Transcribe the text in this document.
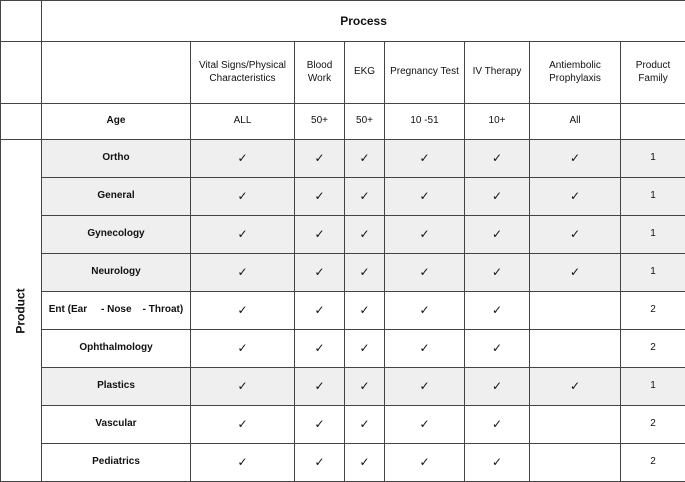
	Process							
		Vital Signs/Physical Characteristics	Blood Work	EKG	Pregnancy Test	IV Therapy	Antiembolic Prophylaxis	Product Family
	Age	ALL	50+	50+	10 -51	10+	All	

Product	Ortho	✓	✓	✓	✓	✓	✓	1
	General	✓	✓	✓	✓	✓	✓	1
	Gynecology	✓	✓	✓	✓	✓	✓	1
	Neurology	✓	✓	✓	✓	✓	✓	1
	Ent (Ear     - Nose    - Throat)	✓	✓	✓	✓	✓		2
	Ophthalmology	✓	✓	✓	✓	✓		2
	Plastics	✓	✓	✓	✓	✓	✓	1
	Vascular	✓	✓	✓	✓	✓		2
	Pediatrics	✓	✓	✓	✓	✓		2
